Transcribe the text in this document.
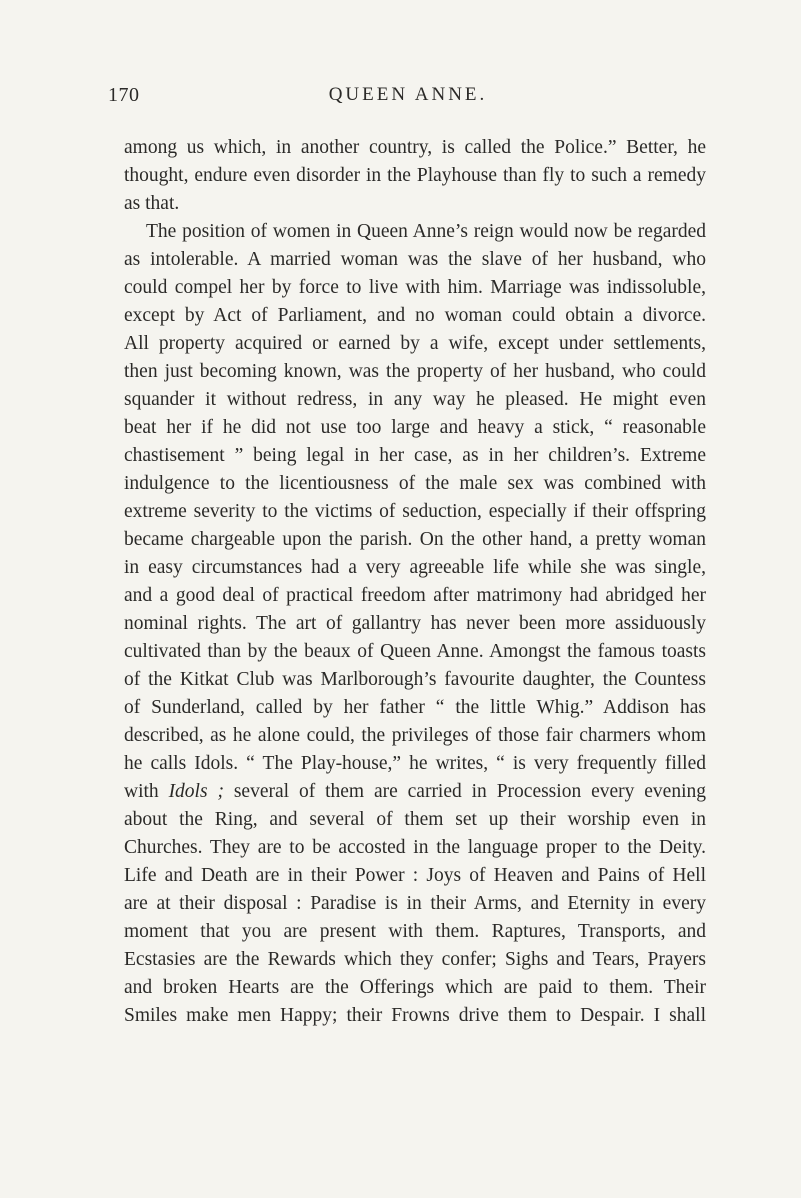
170	QUEEN ANNE.
among us which, in another country, is called the Police.” Better, he
thought, endure even disorder in the Playhouse than fly to such a remedy
as that.
The position of women in Queen Anne’s reign would now be regarded
as intolerable. A married woman was the slave of her husband, who
could compel her by force to live with him. Marriage was indissoluble,
except by Act of Parliament, and no woman could obtain a divorce.
All property acquired or earned by a wife, except under settlements,
then just becoming known, was the property of her husband, who could
squander it without redress, in any way he pleased. He might even
beat her if he did not use too large and heavy a stick, “ reasonable
chastisement ” being legal in her case, as in her children’s. Extreme
indulgence to the licentiousness of the male sex was combined with
extreme severity to the victims of seduction, especially if their offspring
became chargeable upon the parish. On the other hand, a pretty woman
in easy circumstances had a very agreeable life while she was single,
and a good deal of practical freedom after matrimony had abridged her
nominal rights. The art of gallantry has never been more assiduously
cultivated than by the beaux of Queen Anne. Amongst the famous toasts
of the Kitkat Club was Marlborough’s favourite daughter, the Countess
of Sunderland, called by her father “ the little Whig.” Addison has
described, as he alone could, the privileges of those fair charmers whom
he calls Idols. “ The Play-house,” he writes, “ is very frequently filled
with Idols ; several of them are carried in Procession every evening
about the Ring, and several of them set up their worship even in
Churches. They are to be accosted in the language proper to the Deity.
Life and Death are in their Power : Joys of Heaven and Pains of Hell
are at their disposal : Paradise is in their Arms, and Eternity in every
moment that you are present with them. Raptures, Transports, and
Ecstasies are the Rewards which they confer; Sighs and Tears, Prayers
and broken Hearts are the Offerings which are paid to them. Their
Smiles make men Happy; their Frowns drive them to Despair. I shall
